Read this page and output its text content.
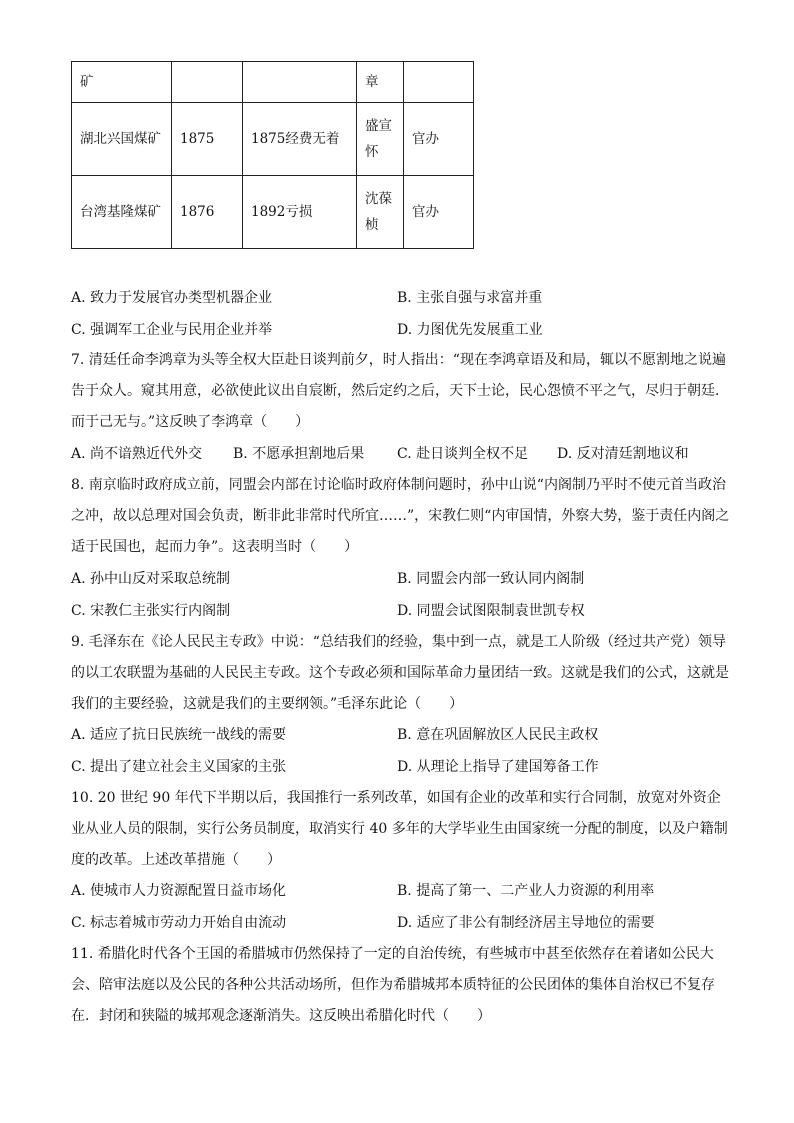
矿			章	
湖北兴国煤矿	1875	1875经费无着	盛宣怀	官办
台湾基隆煤矿	1876	1892亏损	沈葆桢	官办
A. 致力于发展官办类型机器企业	B. 主张自强与求富并重
C. 强调军工企业与民用企业并举	D. 力图优先发展重工业
7. 清廷任命李鸿章为头等全权大臣赴日谈判前夕，时人指出：“现在李鸿章语及和局，辄以不愿割地之说遍告于众人。窥其用意，必欲使此议出自宸断，然后定约之后，天下士论，民心怨愤不平之气，尽归于朝廷．而于己无与。”这反映了李鸿章（　　）
A. 尚不谙熟近代外交 B. 不愿承担割地后果 C. 赴日谈判全权不足 D. 反对清廷割地议和
8. 南京临时政府成立前，同盟会内部在讨论临时政府体制问题时，孙中山说“内阁制乃平时不使元首当政治之冲，故以总理对国会负责，断非此非常时代所宜……”，宋教仁则“内审国情，外察大势，鉴于责任内阁之适于民国也，起而力争”。这表明当时（　　）
A. 孙中山反对采取总统制	B. 同盟会内部一致认同内阁制
C. 宋教仁主张实行内阁制	D. 同盟会试图限制袁世凯专权
9. 毛泽东在《论人民民主专政》中说：“总结我们的经验，集中到一点，就是工人阶级（经过共产党）领导的以工农联盟为基础的人民民主专政。这个专政必须和国际革命力量团结一致。这就是我们的公式，这就是我们的主要经验，这就是我们的主要纲领。”毛泽东此论（　　）
A. 适应了抗日民族统一战线的需要	B. 意在巩固解放区人民民主政权
C. 提出了建立社会主义国家的主张	D. 从理论上指导了建国筹备工作
10. 20 世纪 90 年代下半期以后，我国推行一系列改革，如国有企业的改革和实行合同制，放宽对外资企业从业人员的限制，实行公务员制度，取消实行 40 多年的大学毕业生由国家统一分配的制度，以及户籍制度的改革。上述改革措施（　　）
A. 使城市人力资源配置日益市场化	B. 提高了第一、二产业人力资源的利用率
C. 标志着城市劳动力开始自由流动	D. 适应了非公有制经济居主导地位的需要
11. 希腊化时代各个王国的希腊城市仍然保持了一定的自治传统，有些城市中甚至依然存在着诸如公民大会、陪审法庭以及公民的各种公共活动场所，但作为希腊城邦本质特征的公民团体的集体自治权已不复存在．封闭和狭隘的城邦观念逐渐消失。这反映出希腊化时代（　　）
